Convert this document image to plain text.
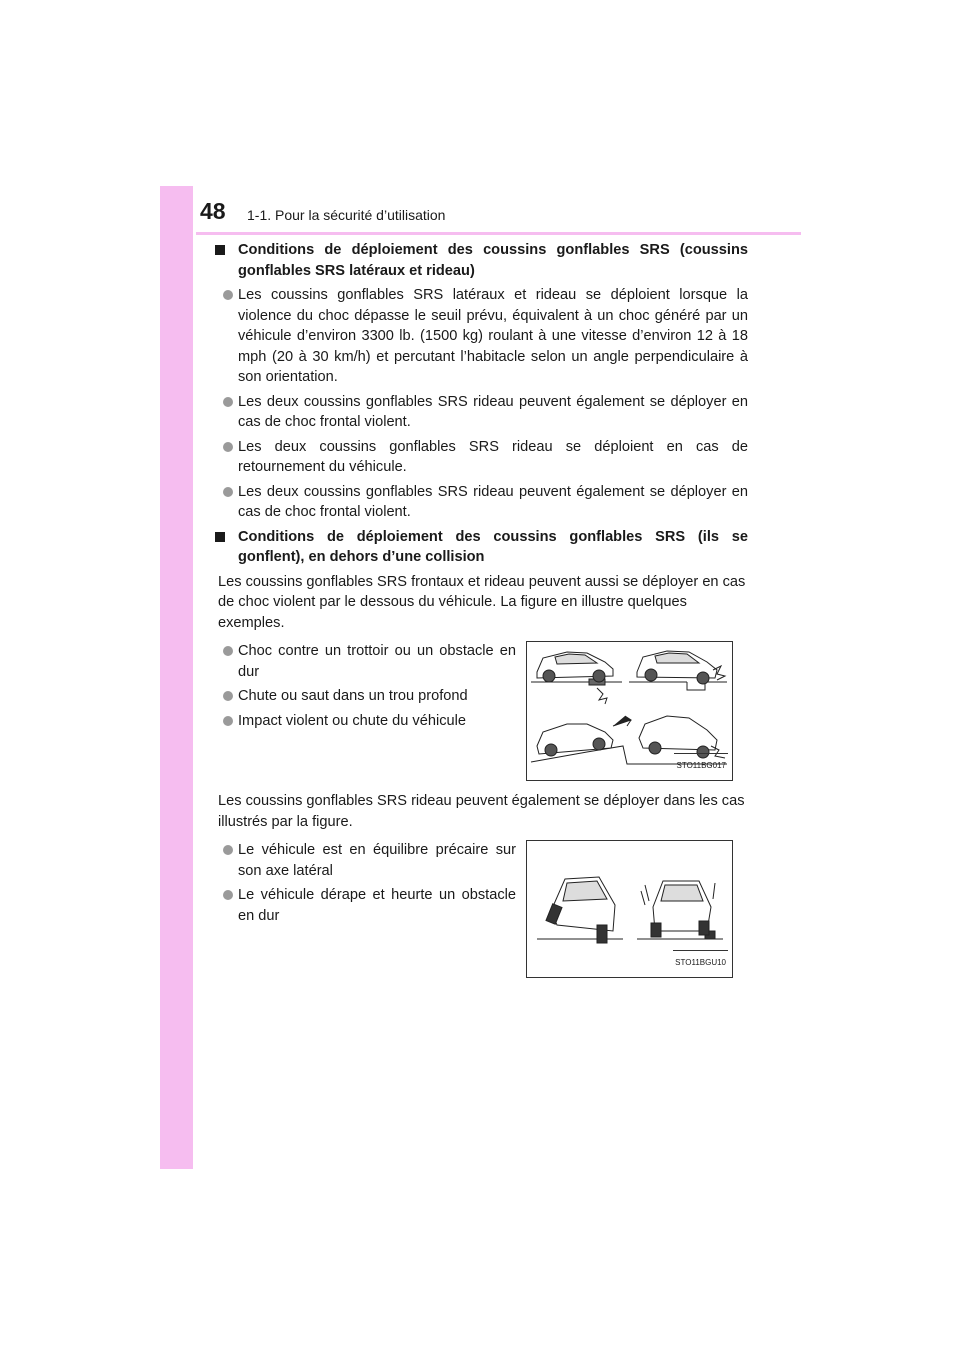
48 1-1. Pour la sécurité d’utilisation
Conditions de déploiement des coussins gonflables SRS (coussins gonflables SRS latéraux et rideau)
Les coussins gonflables SRS latéraux et rideau se déploient lorsque la violence du choc dépasse le seuil prévu, équivalent à un choc généré par un véhicule d’environ 3300 lb. (1500 kg) roulant à une vitesse d’environ 12 à 18 mph (20 à 30 km/h) et percutant l’habitacle selon un angle perpendiculaire à son orientation.
Les deux coussins gonflables SRS rideau peuvent également se déployer en cas de choc frontal violent.
Les deux coussins gonflables SRS rideau se déploient en cas de retournement du véhicule.
Les deux coussins gonflables SRS rideau peuvent également se déployer en cas de choc frontal violent.
Conditions de déploiement des coussins gonflables SRS (ils se gonflent), en dehors d’une collision
Les coussins gonflables SRS frontaux et rideau peuvent aussi se déployer en cas de choc violent par le dessous du véhicule. La figure en illustre quelques exemples.
Choc contre un trottoir ou un obstacle en dur
Chute ou saut dans un trou profond
Impact violent ou chute du véhicule
STO11BG017
Les coussins gonflables SRS rideau peuvent également se déployer dans les cas illustrés par la figure.
Le véhicule est en équilibre précaire sur son axe latéral
Le véhicule dérape et heurte un obstacle en dur
STO11BGU10
